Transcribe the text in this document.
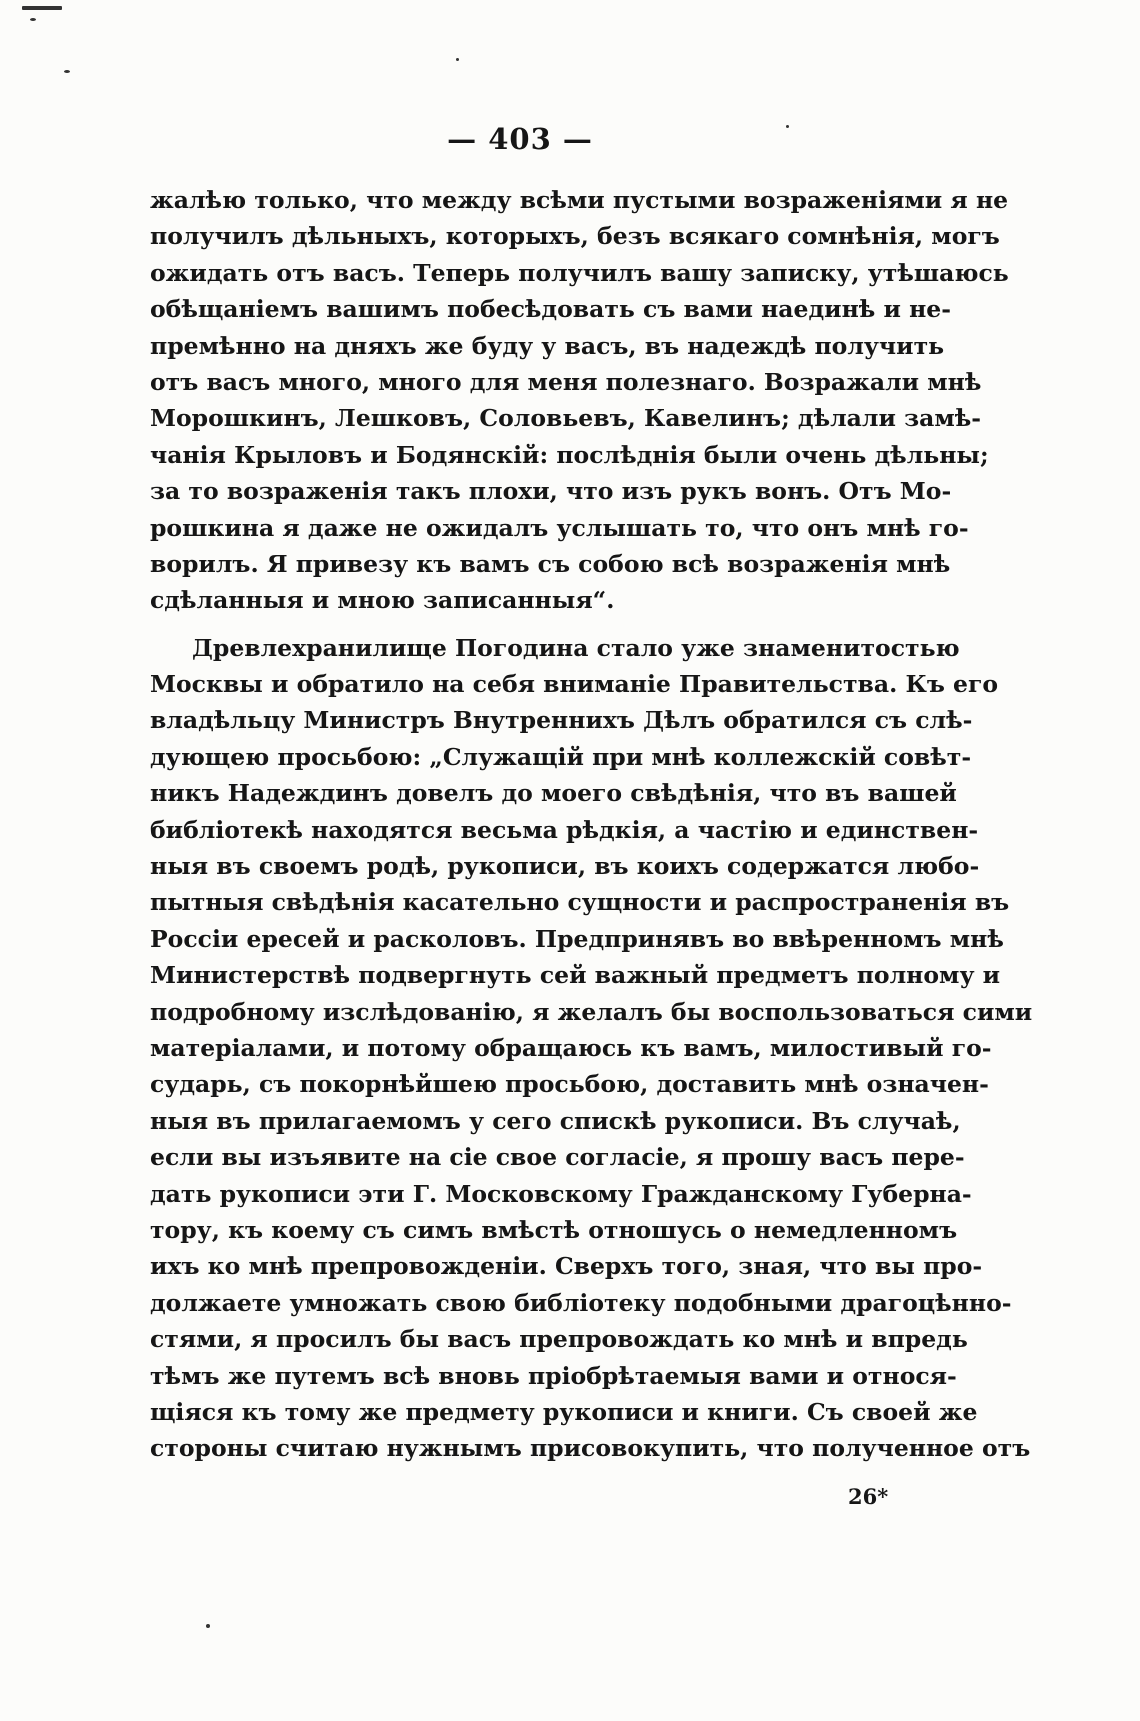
— 403 —
жалѣю только, что между всѣми пустыми возраженіями я не
получилъ дѣльныхъ, которыхъ, безъ всякаго сомнѣнія, могъ
ожидать отъ васъ. Теперь получилъ вашу записку, утѣшаюсь
обѣщаніемъ вашимъ побесѣдовать съ вами наединѣ и не-
премѣнно на дняхъ же буду у васъ, въ надеждѣ получить
отъ васъ много, много для меня полезнаго. Возражали мнѣ
Морошкинъ, Лешковъ, Соловьевъ, Кавелинъ; дѣлали замѣ-
чанія Крыловъ и Бодянскій: послѣднія были очень дѣльны;
за то возраженія такъ плохи, что изъ рукъ вонъ. Отъ Мо-
рошкина я даже не ожидалъ услышать то, что онъ мнѣ го-
ворилъ. Я привезу къ вамъ съ собою всѣ возраженія мнѣ
сдѣланныя и мною записанныя“.
Древлехранилище Погодина стало уже знаменитостью
Москвы и обратило на себя вниманіе Правительства. Къ его
владѣльцу Министръ Внутреннихъ Дѣлъ обратился съ слѣ-
дующею просьбою: „Служащій при мнѣ коллежскій совѣт-
никъ Надеждинъ довелъ до моего свѣдѣнія, что въ вашей
библіотекѣ находятся весьма рѣдкія, а частію и единствен-
ныя въ своемъ родѣ, рукописи, въ коихъ содержатся любо-
пытныя свѣдѣнія касательно сущности и распространенія въ
Россіи ересей и расколовъ. Предпринявъ во ввѣренномъ мнѣ
Министерствѣ подвергнуть сей важный предметъ полному и
подробному изслѣдованію, я желалъ бы воспользоваться сими
матеріалами, и потому обращаюсь къ вамъ, милостивый го-
сударь, съ покорнѣйшею просьбою, доставить мнѣ означен-
ныя въ прилагаемомъ у сего спискѣ рукописи. Въ случаѣ,
если вы изъявите на сіе свое согласіе, я прошу васъ пере-
дать рукописи эти Г. Московскому Гражданскому Губерна-
тору, къ коему съ симъ вмѣстѣ отношусь о немедленномъ
ихъ ко мнѣ препровожденіи. Сверхъ того, зная, что вы про-
должаете умножать свою библіотеку подобными драгоцѣнно-
стями, я просилъ бы васъ препровождать ко мнѣ и впредь
тѣмъ же путемъ всѣ вновь пріобрѣтаемыя вами и относя-
щіяся къ тому же предмету рукописи и книги. Съ своей же
стороны считаю нужнымъ присовокупить, что полученное отъ
26*
